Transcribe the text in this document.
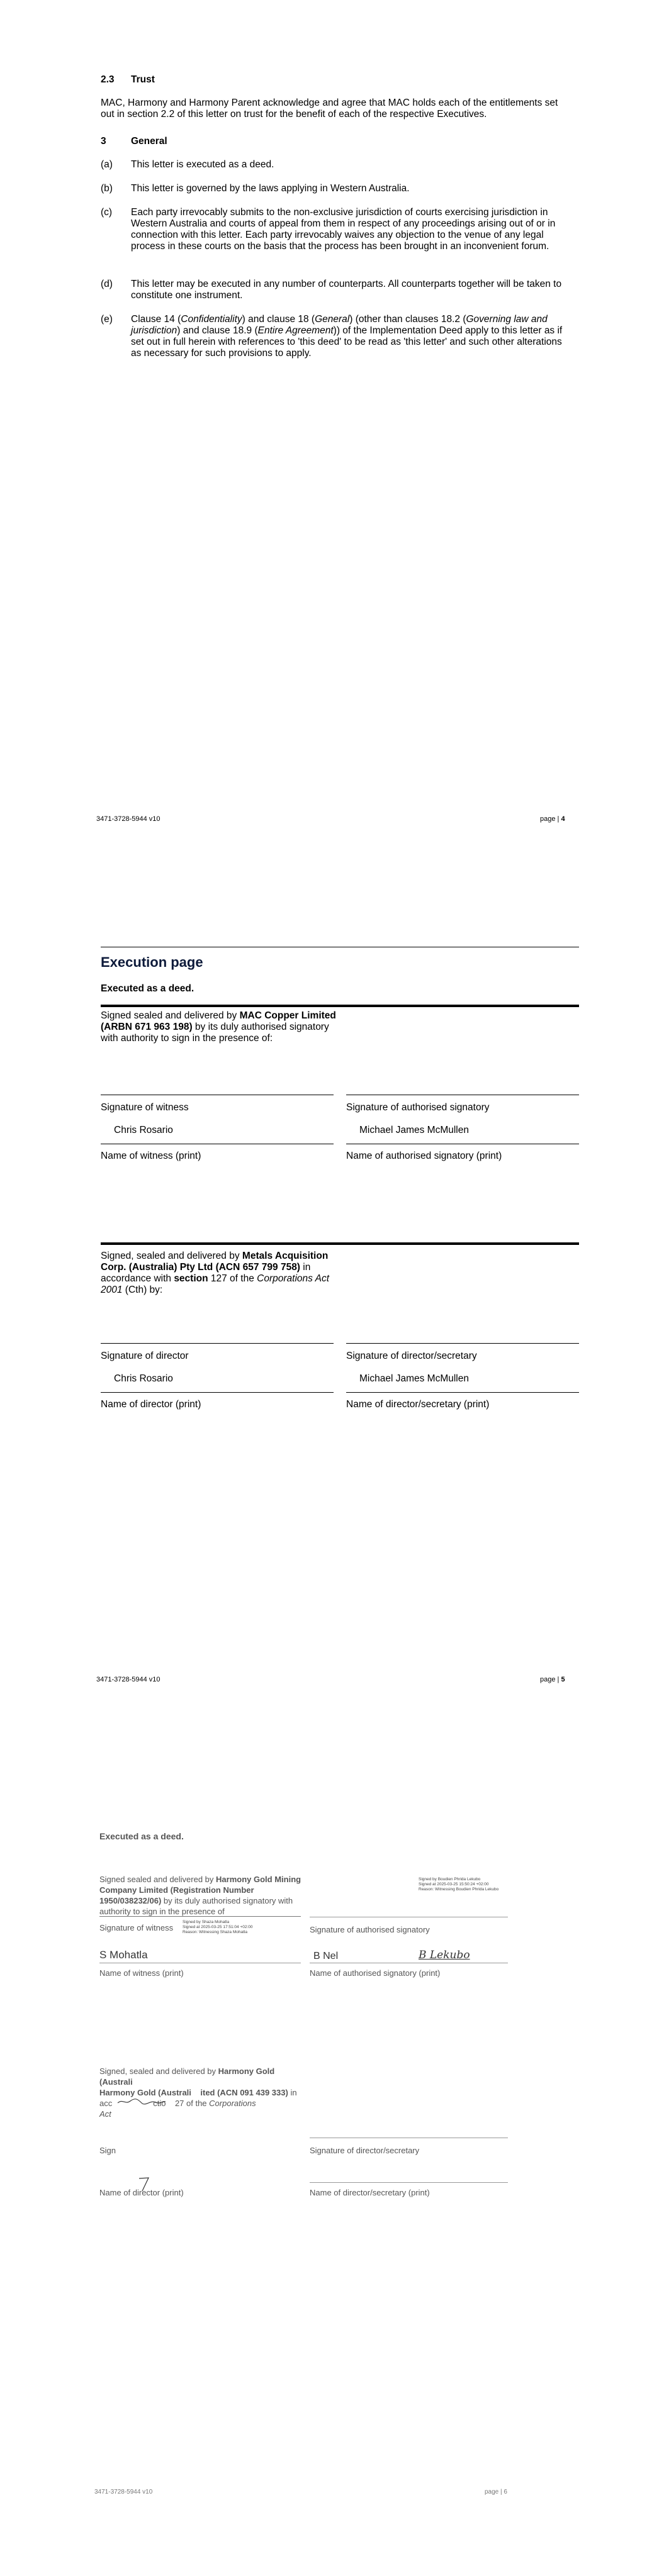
2.3 Trust
MAC, Harmony and Harmony Parent acknowledge and agree that MAC holds each of the entitlements set out in section 2.2 of this letter on trust for the benefit of each of the respective Executives.
3	General
(a) This letter is executed as a deed.
(b) This letter is governed by the laws applying in Western Australia.
(c) Each party irrevocably submits to the non-exclusive jurisdiction of courts exercising jurisdiction in Western Australia and courts of appeal from them in respect of any proceedings arising out of or in connection with this letter. Each party irrevocably waives any objection to the venue of any legal process in these courts on the basis that the process has been brought in an inconvenient forum.
(d) This letter may be executed in any number of counterparts. All counterparts together will be taken to constitute one instrument.
(e) Clause 14 (Confidentiality) and clause 18 (General) (other than clauses 18.2 (Governing law and jurisdiction) and clause 18.9 (Entire Agreement)) of the Implementation Deed apply to this letter as if set out in full herein with references to 'this deed' to be read as 'this letter' and such other alterations as necessary for such provisions to apply.
3471-3728-5944 v10	page | 4
Execution page
Executed as a deed.
Signed sealed and delivered by MAC Copper Limited (ARBN 671 963 198) by its duly authorised signatory with authority to sign in the presence of:
Signature of witness	Signature of authorised signatory
Chris Rosario	Michael James McMullen
Name of witness (print)	Name of authorised signatory (print)
Signed, sealed and delivered by Metals Acquisition Corp. (Australia) Pty Ltd (ACN 657 799 758) in accordance with section 127 of the Corporations Act 2001 (Cth) by:
Signature of director	Signature of director/secretary
Chris Rosario	Michael James McMullen
Name of director (print)	Name of director/secretary (print)
3471-3728-5944 v10	page | 5
Executed as a deed.
Signed sealed and delivered by Harmony Gold Mining Company Limited (Registration Number 1950/038232/06) by its duly authorised signatory with authority to sign in the presence of
Signed by Boudien Phrida Lekubo
Signed at 2025-03-25 15:50:24 +02:00
Reason: Witnessing Boudien Phrida Lekubo
Signature of witness
Signed by Shaza Mohatla
Signed at 2025-03-25 17:51:04 +02:00
Reason: Witnessing Shaza Mohatla	Signature of authorised signatory
S Mohatla	B Nel	B Lekubo
Name of witness (print)	Name of authorised signatory (print)
Signed, sealed and delivered by Harmony Gold (Australi
Harmony Gold (Australi ited (ACN 091 439 333) in
acc	ctio 27 of the Corporations
Act
Sign	Signature of director/secretary
Name of director (print)	Name of director/secretary (print)
3471-3728-5944 v10	page | 6
